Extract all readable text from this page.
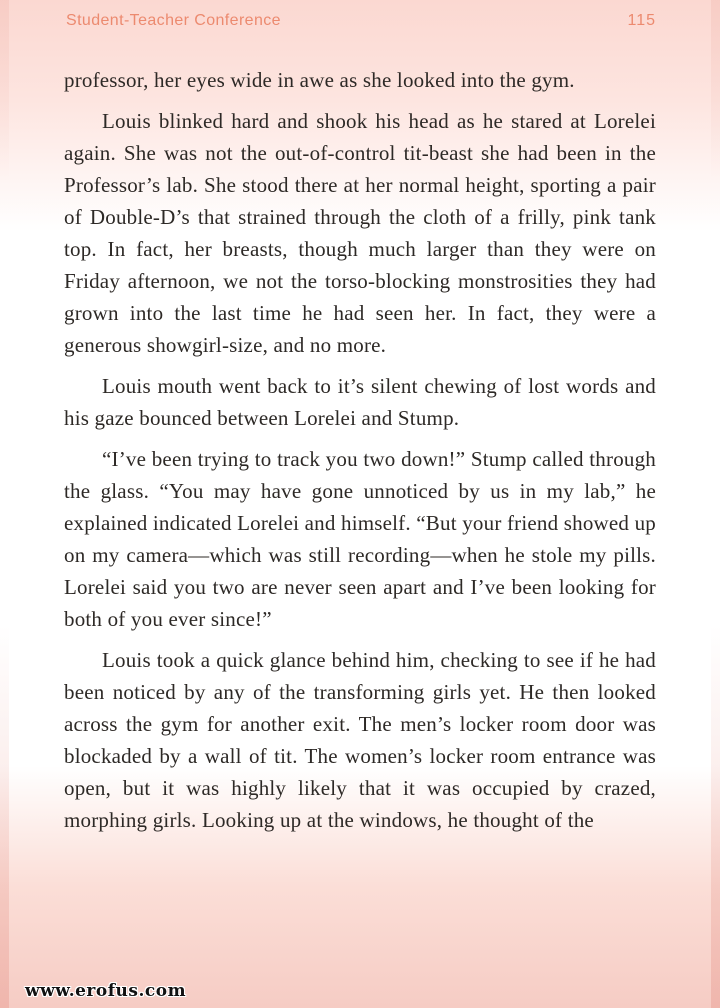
Student-Teacher Conference	115

professor, her eyes wide in awe as she looked into the gym.

Louis blinked hard and shook his head as he stared at Lorelei again. She was not the out-of-control tit-beast she had been in the Professor’s lab. She stood there at her normal height, sporting a pair of Double-D’s that strained through the cloth of a frilly, pink tank top. In fact, her breasts, though much larger than they were on Friday afternoon, we not the torso-blocking monstrosities they had grown into the last time he had seen her. In fact, they were a generous showgirl-size, and no more.

Louis mouth went back to it’s silent chewing of lost words and his gaze bounced between Lorelei and Stump.

“I’ve been trying to track you two down!” Stump called through the glass. “You may have gone unnoticed by us in my lab,” he explained indicated Lorelei and himself. “But your friend showed up on my camera—which was still recording—when he stole my pills. Lorelei said you two are never seen apart and I’ve been looking for both of you ever since!”

Louis took a quick glance behind him, checking to see if he had been noticed by any of the transforming girls yet. He then looked across the gym for another exit. The men’s locker room door was blockaded by a wall of tit. The women’s locker room entrance was open, but it was highly likely that it was occupied by crazed, morphing girls. Looking up at the windows, he thought of the

www.erofus.com
